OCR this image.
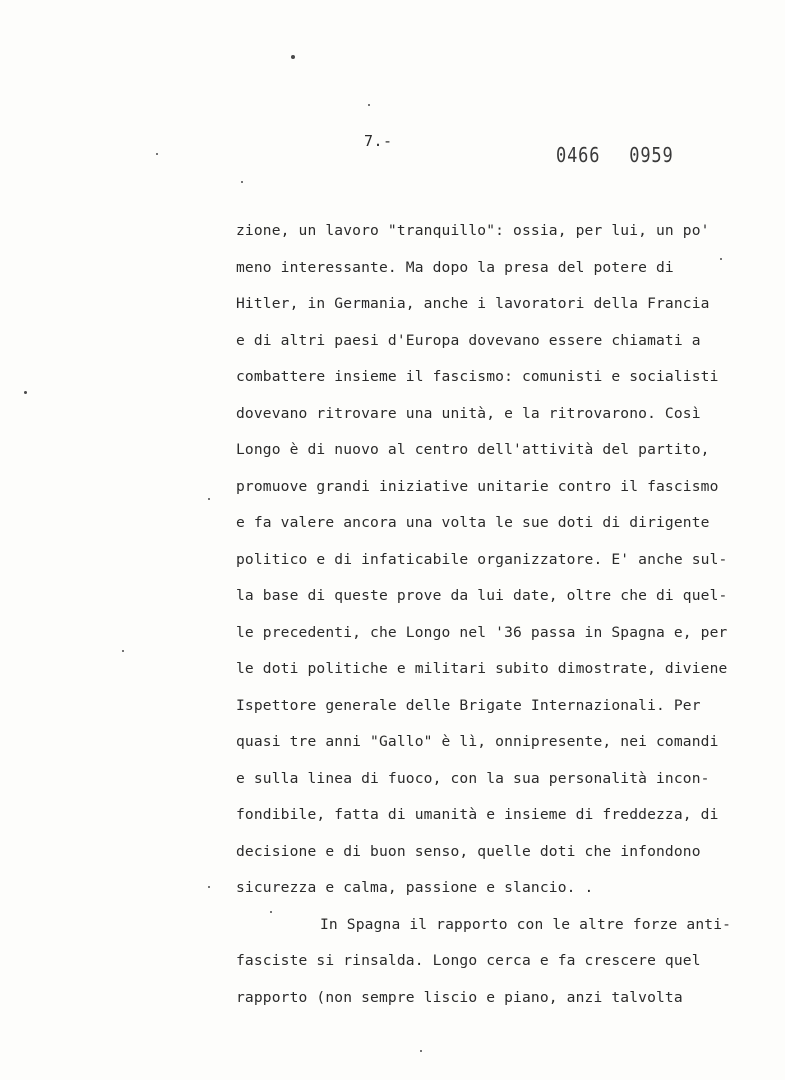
7.-
0466 0959
zione, un lavoro "tranquillo": ossia, per lui, un po'
meno interessante. Ma dopo la presa del potere di
Hitler, in Germania, anche i lavoratori della Francia
e di altri paesi d'Europa dovevano essere chiamati a
combattere insieme il fascismo: comunisti e socialisti
dovevano ritrovare una unità, e la ritrovarono. Così
Longo è di nuovo al centro dell'attività del partito,
promuove grandi iniziative unitarie contro il fascismo
e fa valere ancora una volta le sue doti di dirigente
politico e di infaticabile organizzatore. E' anche sul-
la base di queste prove da lui date, oltre che di quel-
le precedenti, che Longo nel '36 passa in Spagna e, per
le doti politiche e militari subito dimostrate, diviene
Ispettore generale delle Brigate Internazionali. Per
quasi tre anni "Gallo" è lì, onnipresente, nei comandi
e sulla linea di fuoco, con la sua personalità incon-
fondibile, fatta di umanità e insieme di freddezza, di
decisione e di buon senso, quelle doti che infondono
sicurezza e calma, passione e slancio. .
In Spagna il rapporto con le altre forze anti-
fasciste si rinsalda. Longo cerca e fa crescere quel
rapporto (non sempre liscio e piano, anzi talvolta
